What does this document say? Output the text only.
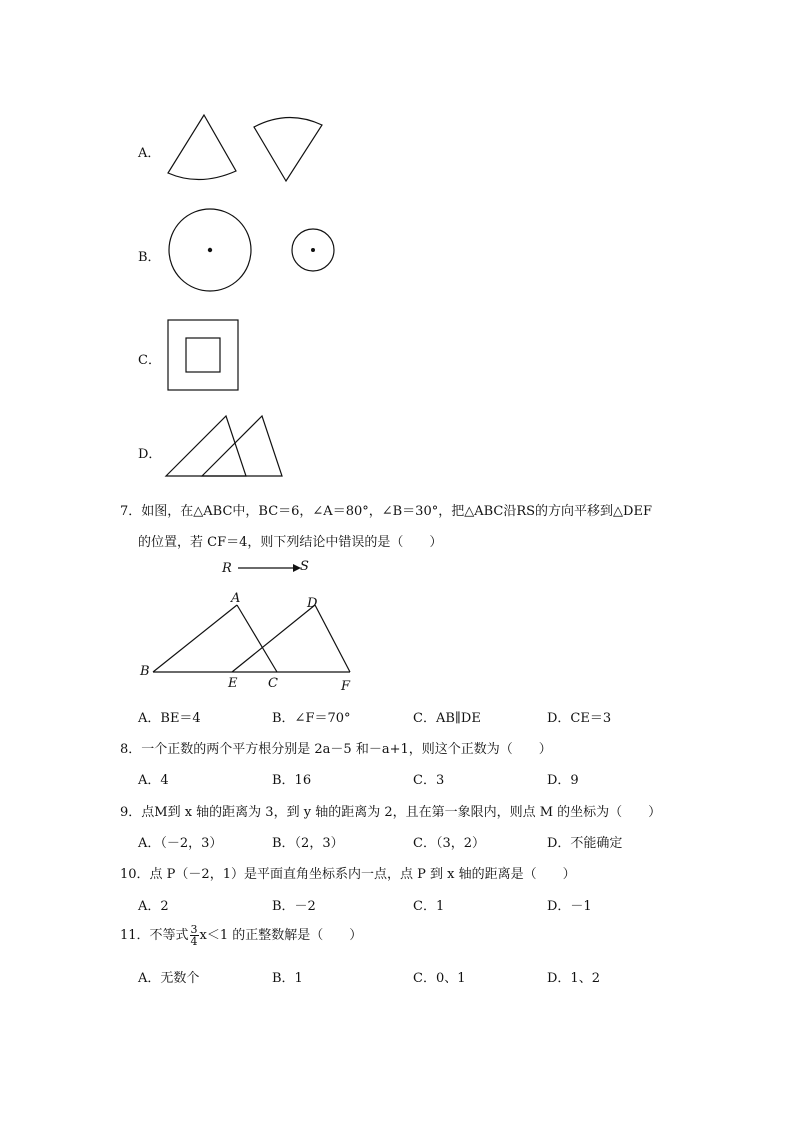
A．
B．
C．
D．
7．如图，在△ABC中，BC＝6，∠A＝80°，∠B＝30°，把△ABC沿RS的方向平移到△DEF
的位置，若 CF＝4，则下列结论中错误的是（　　）
R	S
A	D
B
E C	F
A．BE＝4	B．∠F＝70°	C．AB∥DE	D．CE＝3
8．一个正数的两个平方根分别是 2a－5 和－a+1，则这个正数为（　　）
A．4	B．16	C．3	D．9
9．点M到 x 轴的距离为 3，到 y 轴的距离为 2，且在第一象限内，则点 M 的坐标为（　　）
A．（－2，3）	B．（2，3）	C．（3，2）	D．不能确定
10．点 P（－2，1）是平面直角坐标系内一点，点 P 到 x 轴的距离是（　　）
A．2	B．－2	C．1	D．－1
11．不等式 $\frac{3}{4} x<1$ 的正整数解是（　　）
A．无数个	B．1	C．0、1	D．1、2
